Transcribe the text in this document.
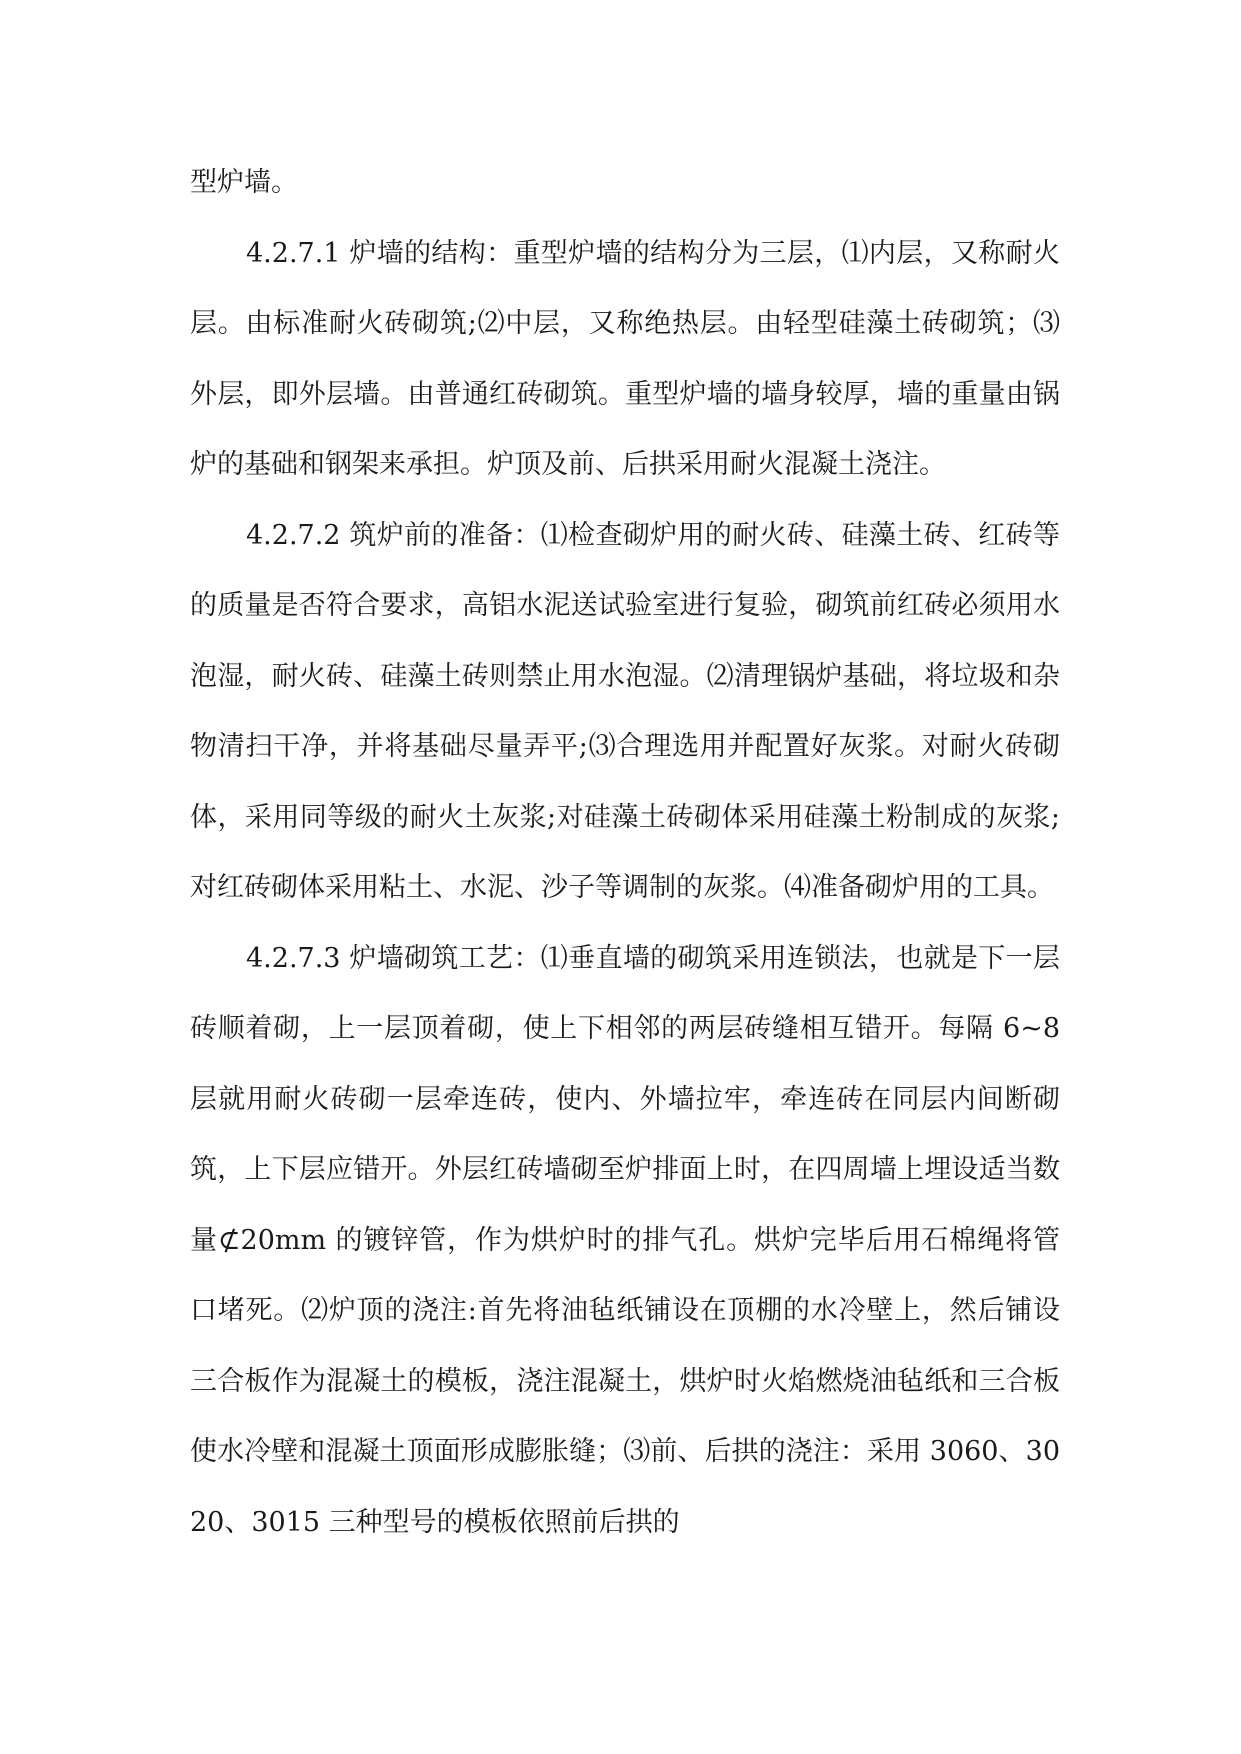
型炉墙。

4.2.7.1 炉墙的结构：重型炉墙的结构分为三层，⑴内层，又称耐火层。由标准耐火砖砌筑;⑵中层，又称绝热层。由轻型硅藻土砖砌筑；⑶外层，即外层墙。由普通红砖砌筑。重型炉墙的墙身较厚，墙的重量由锅炉的基础和钢架来承担。炉顶及前、后拱采用耐火混凝土浇注。

4.2.7.2 筑炉前的准备：⑴检查砌炉用的耐火砖、硅藻土砖、红砖等的质量是否符合要求，高铝水泥送试验室进行复验，砌筑前红砖必须用水泡湿，耐火砖、硅藻土砖则禁止用水泡湿。⑵清理锅炉基础，将垃圾和杂物清扫干净，并将基础尽量弄平;⑶合理选用并配置好灰浆。对耐火砖砌体，采用同等级的耐火土灰浆;对硅藻土砖砌体采用硅藻土粉制成的灰浆;对红砖砌体采用粘土、水泥、沙子等调制的灰浆。⑷准备砌炉用的工具。

4.2.7.3 炉墙砌筑工艺：⑴垂直墙的砌筑采用连锁法，也就是下一层砖顺着砌，上一层顶着砌，使上下相邻的两层砖缝相互错开。每隔 6~8 层就用耐火砖砌一层牵连砖，使内、外墙拉牢，牵连砖在同层内间断砌筑，上下层应错开。外层红砖墙砌至炉排面上时，在四周墙上埋设适当数量⊄20mm 的镀锌管，作为烘炉时的排气孔。烘炉完毕后用石棉绳将管口堵死。⑵炉顶的浇注:首先将油毡纸铺设在顶棚的水冷壁上，然后铺设三合板作为混凝土的模板，浇注混凝土，烘炉时火焰燃烧油毡纸和三合板使水冷壁和混凝土顶面形成膨胀缝；⑶前、后拱的浇注：采用 3060、3020、3015 三种型号的模板依照前后拱的
